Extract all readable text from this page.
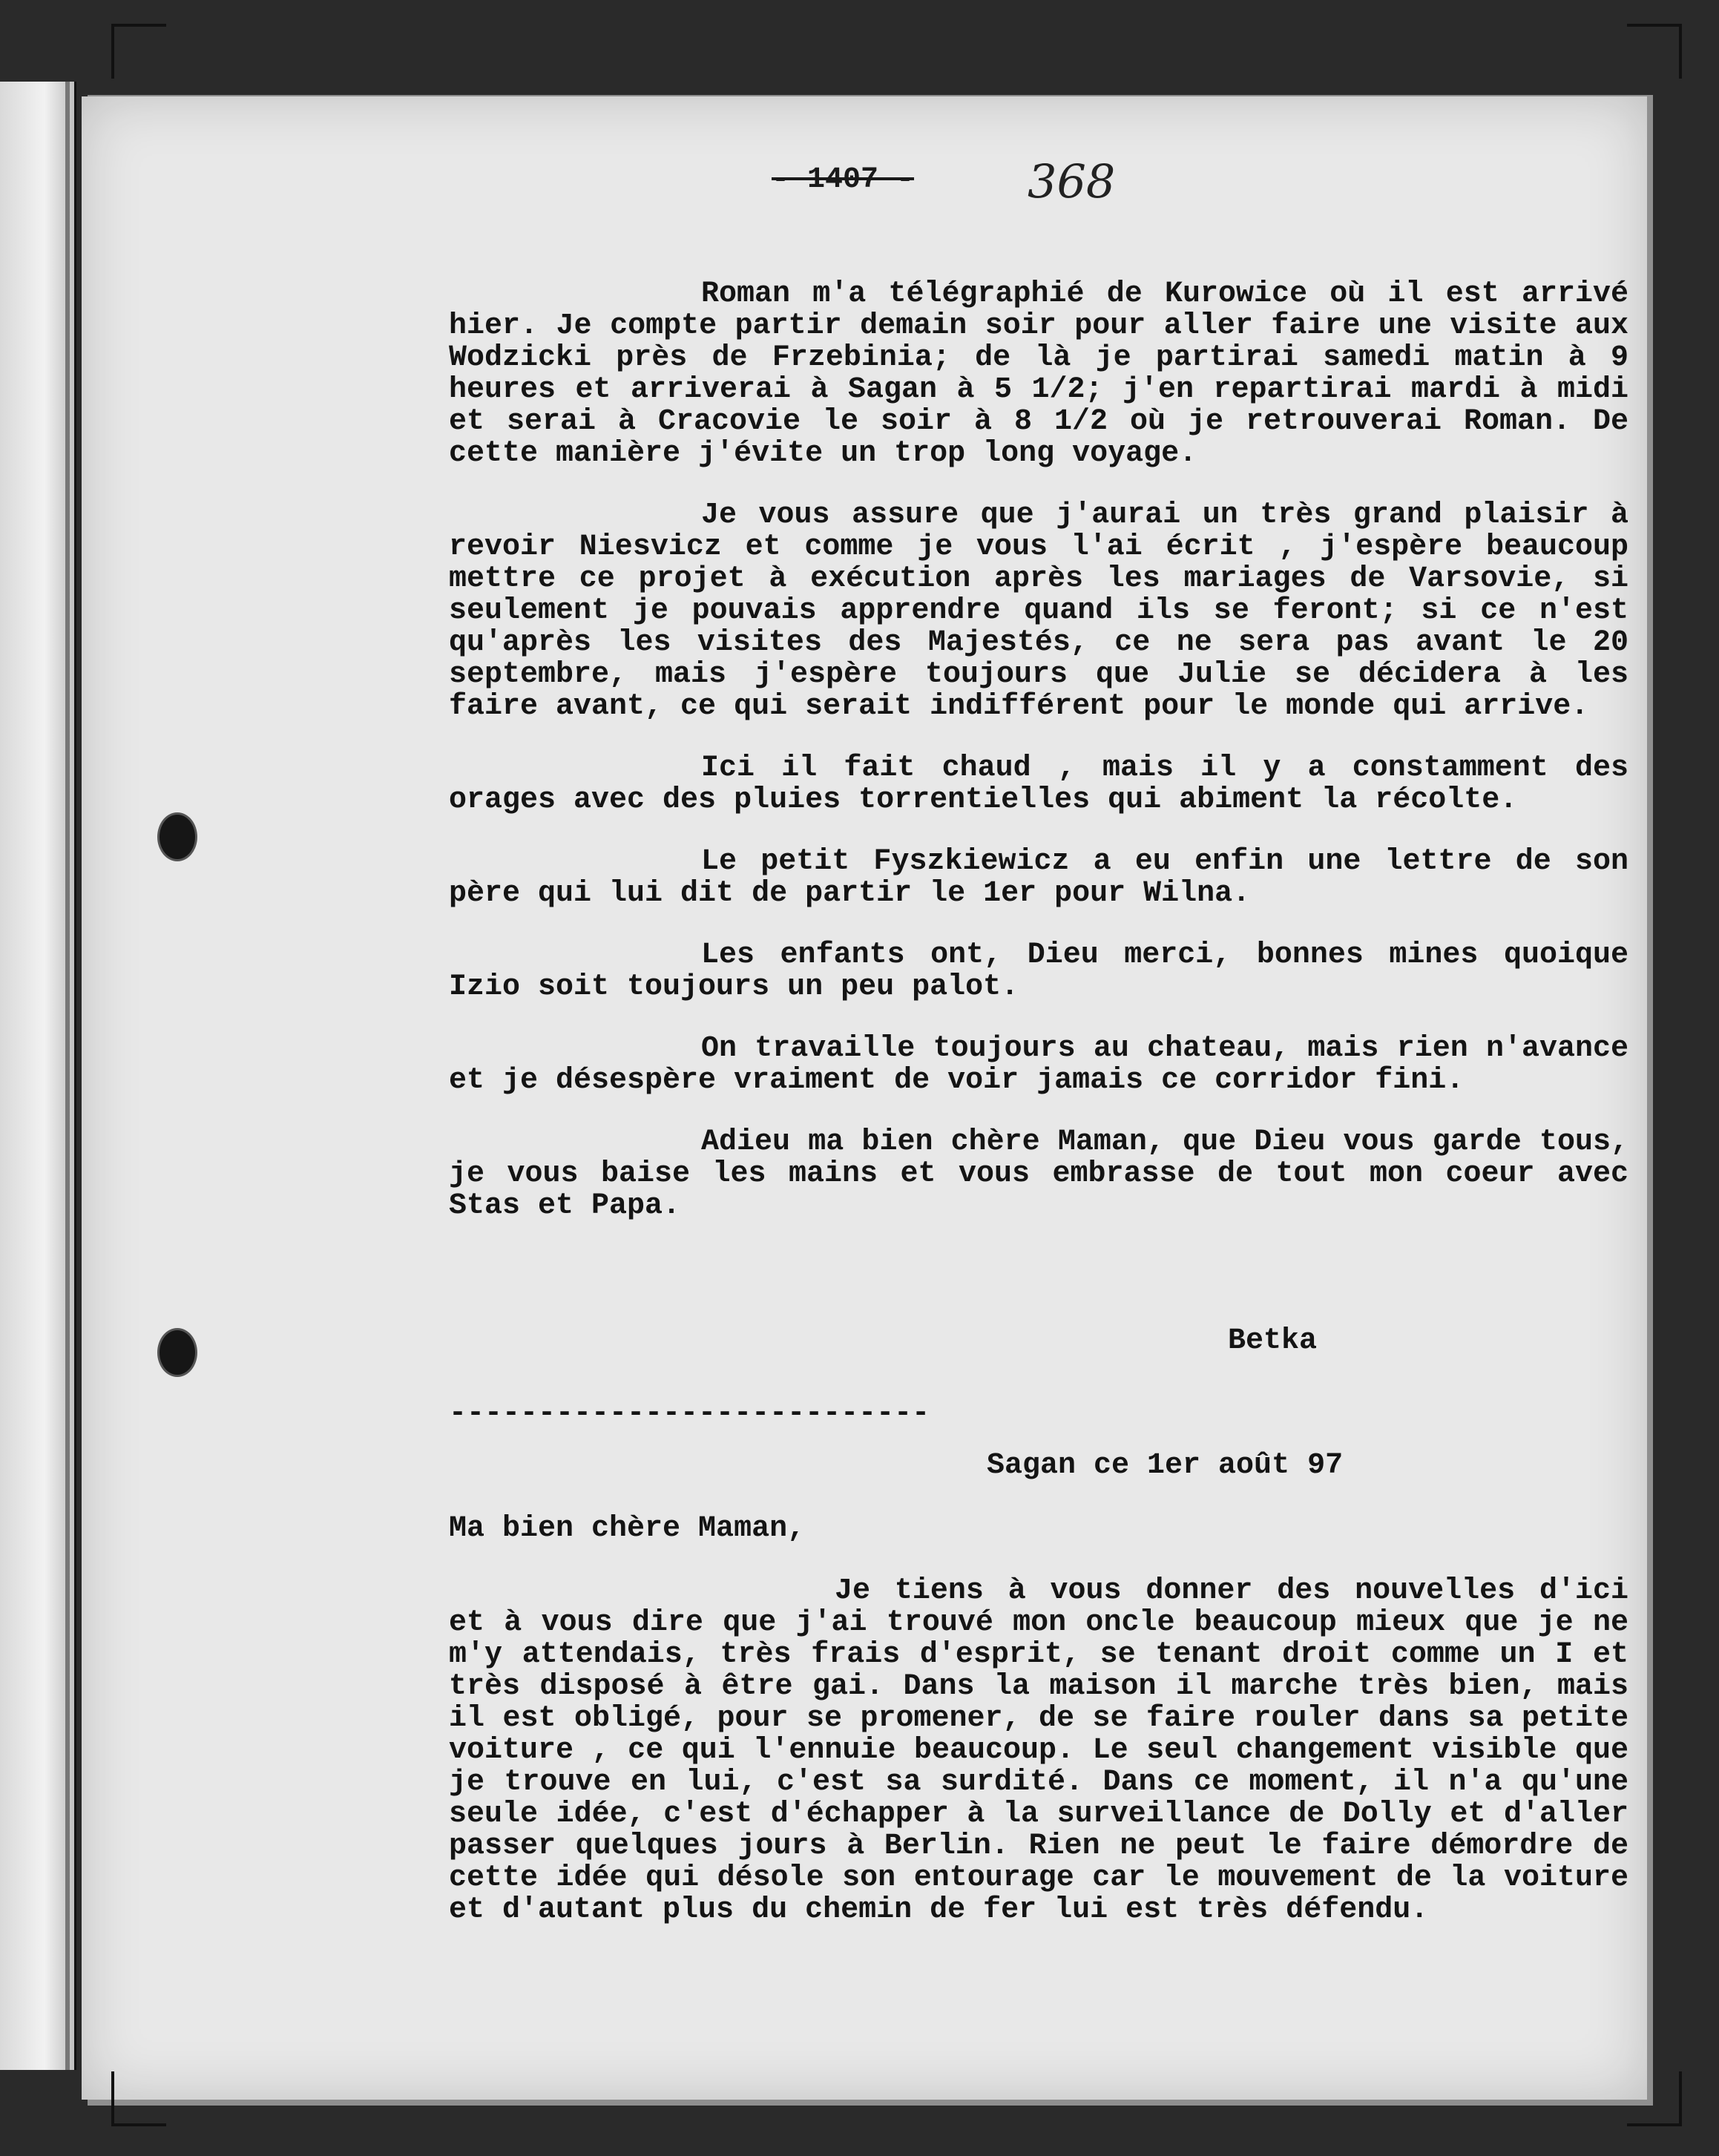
- 1407 - 368

Roman m'a télégraphié de Kurowice où il est arrivé hier. Je compte partir demain soir pour aller faire une visite aux Wodzicki près de Frzebinia; de là je partirai samedi matin à 9 heures et arriverai à Sagan à 5 1/2; j'en repartirai mardi à midi et serai à Cracovie le soir à 8 1/2 où je retrouverai Roman. De cette manière j'évite un trop long voyage.

Je vous assure que j'aurai un très grand plaisir à revoir Niesvicz et comme je vous l'ai écrit , j'espère beaucoup mettre ce projet à exécution après les mariages de Varsovie, si seulement je pouvais apprendre quand ils se feront; si ce n'est qu'après les visites des Majestés, ce ne sera pas avant le 20 septembre, mais j'espère toujours que Julie se décidera à les faire avant, ce qui serait indifférent pour le monde qui arrive.

Ici il fait chaud , mais il y a constamment des orages avec des pluies torrentielles qui abiment la récolte.

Le petit Fyszkiewicz a eu enfin une lettre de son père qui lui dit de partir le 1er pour Wilna.

Les enfants ont, Dieu merci, bonnes mines quoique Izio soit toujours un peu palot.

On travaille toujours au chateau, mais rien n'avance et je désespère vraiment de voir jamais ce corridor fini.

Adieu ma bien chère Maman, que Dieu vous garde tous, je vous baise les mains et vous embrasse de tout mon coeur avec Stas et Papa.

Betka
---------------------------
Sagan ce 1er août 97
Ma bien chère Maman,

Je tiens à vous donner des nouvelles d'ici et à vous dire que j'ai trouvé mon oncle beaucoup mieux que je ne m'y attendais, très frais d'esprit, se tenant droit comme un I et très disposé à être gai. Dans la maison il marche très bien, mais il est obligé, pour se promener, de se faire rouler dans sa petite voiture , ce qui l'ennuie beaucoup. Le seul changement visible que je trouve en lui, c'est sa surdité. Dans ce moment, il n'a qu'une seule idée, c'est d'échapper à la surveillance de Dolly et d'aller passer quelques jours à Berlin. Rien ne peut le faire démordre de cette idée qui désole son entourage car le mouvement de la voiture et d'autant plus du chemin de fer lui est très défendu.
